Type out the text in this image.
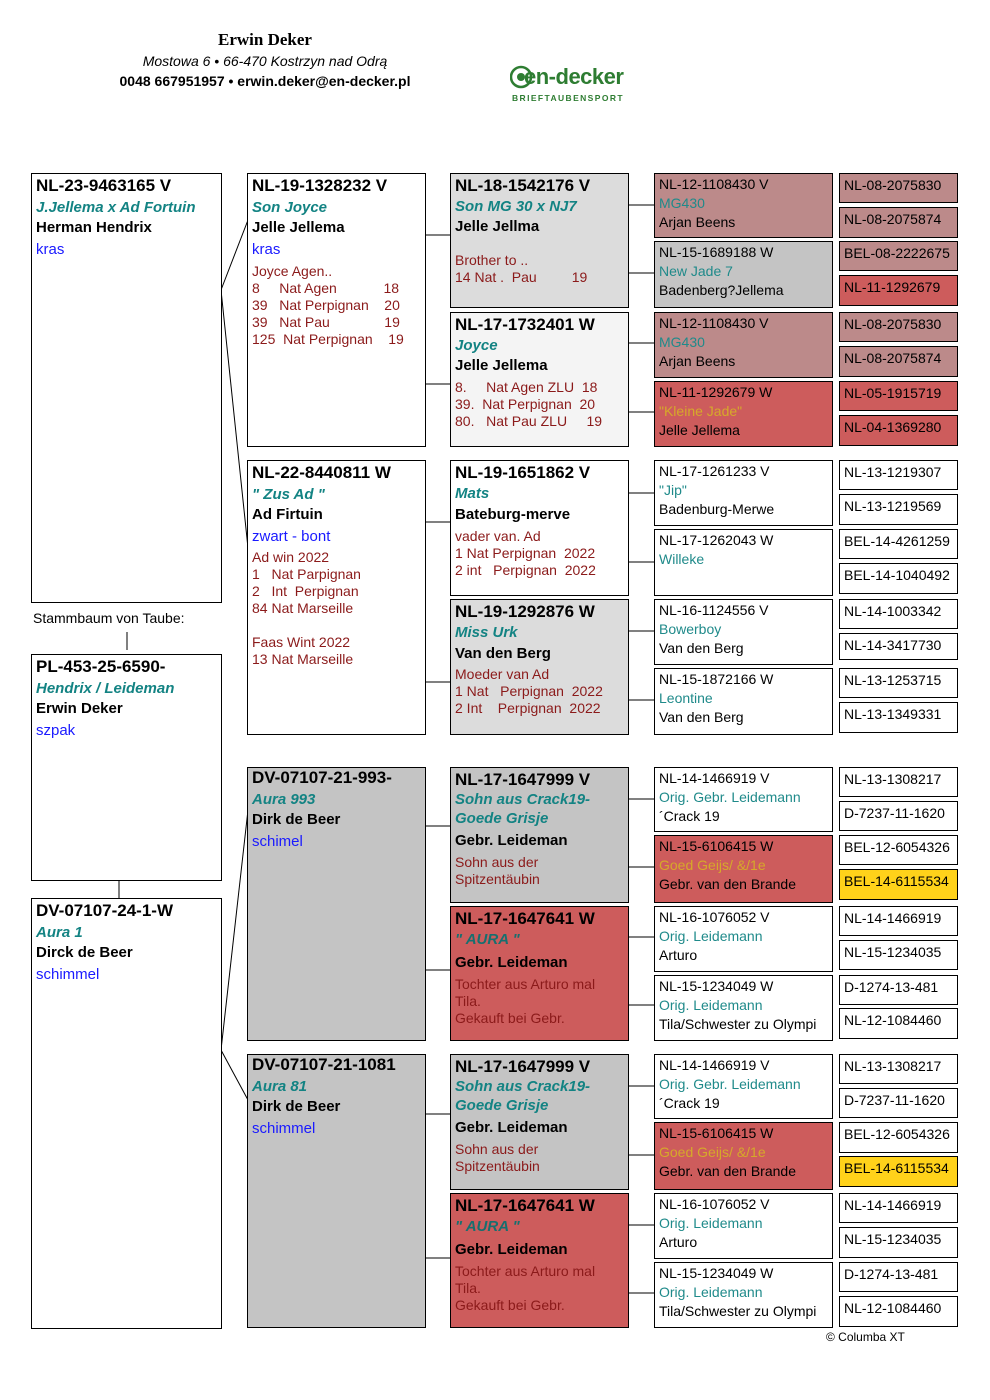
Erwin Deker
Mostowa 6 • 66-470 Kostrzyn nad Odrą
0048 667951957 • erwin.deker@en-decker.pl	en-decker
BRIEFTAUBENSPORT
NL-23-9463165 V
J.Jellema x Ad Fortuin
Herman Hendrix
kras
Stammbaum von Taube:
PL-453-25-6590-
Hendrix / Leideman
Erwin Deker
szpak
DV-07107-24-1-W
Aura 1
Dirck de Beer
schimmel
NL-19-1328232 V
Son Joyce
Jelle Jellema
kras
Joyce Agen..
8     Nat Agen            18
39   Nat Perpignan    20
39   Nat Pau              19
125  Nat Perpignan    19
NL-22-8440811 W
" Zus Ad "
Ad Firtuin
zwart - bont
Ad win 2022
1   Nat Parpignan
2   Int  Perpignan
84 Nat Marseille
Faas Wint 2022
13 Nat Marseille
DV-07107-21-993-
Aura 993
Dirk de Beer
schimel
DV-07107-21-1081
Aura 81
Dirk de Beer
schimmel
NL-18-1542176 V
Son MG 30 x NJ7
Jelle Jellma
Brother to ..
14 Nat .  Pau         19
NL-17-1732401 W
Joyce
Jelle Jellema
8.     Nat Agen ZLU  18
39.  Nat Perpignan  20
80.   Nat Pau ZLU     19
NL-19-1651862 V
Mats
Bateburg-merve
vader van. Ad
1 Nat Perpignan  2022
2 int   Perpignan  2022
NL-19-1292876 W
Miss Urk
Van den Berg
Moeder van Ad
1 Nat   Perpignan  2022
2 Int    Perpignan  2022
NL-17-1647999 V
Sohn aus Crack19-
Goede Grisje
Gebr. Leideman
Sohn aus der
Spitzentäubin
NL-17-1647641 W
" AURA "
Gebr. Leideman
Tochter aus Arturo mal
Tila.
Gekauft bei Gebr.
NL-17-1647999 V
Sohn aus Crack19-
Goede Grisje
Gebr. Leideman
Sohn aus der
Spitzentäubin
NL-17-1647641 W
" AURA "
Gebr. Leideman
Tochter aus Arturo mal
Tila.
Gekauft bei Gebr.
NL-12-1108430 V
MG430
Arjan Beens
NL-15-1689188 W
New Jade 7
Badenberg?Jellema
NL-12-1108430 V
MG430
Arjan Beens
NL-11-1292679 W
"Kleine Jade"
Jelle Jellema
NL-17-1261233 V
"Jip"
Badenburg-Merwe
NL-17-1262043 W
Willeke
NL-16-1124556 V
Bowerboy
Van den Berg
NL-15-1872166 W
Leontine
Van den Berg
NL-14-1466919 V
Orig. Gebr. Leidemann
´Crack 19
NL-15-6106415 W
Goed Geijs/ &/1e
Gebr. van den Brande
NL-16-1076052 V
Orig. Leidemann
Arturo
NL-15-1234049 W
Orig. Leidemann
Tila/Schwester zu Olympi
NL-14-1466919 V
Orig. Gebr. Leidemann
´Crack 19
NL-15-6106415 W
Goed Geijs/ &/1e
Gebr. van den Brande
NL-16-1076052 V
Orig. Leidemann
Arturo
NL-15-1234049 W
Orig. Leidemann
Tila/Schwester zu Olympi
NL-08-2075830
NL-08-2075874
BEL-08-2222675
NL-11-1292679
NL-08-2075830
NL-08-2075874
NL-05-1915719
NL-04-1369280
NL-13-1219307
NL-13-1219569
BEL-14-4261259
BEL-14-1040492
NL-14-1003342
NL-14-3417730
NL-13-1253715
NL-13-1349331
NL-13-1308217
D-7237-11-1620
BEL-12-6054326
BEL-14-6115534
NL-14-1466919
NL-15-1234035
D-1274-13-481
NL-12-1084460
NL-13-1308217
D-7237-11-1620
BEL-12-6054326
BEL-14-6115534
NL-14-1466919
NL-15-1234035
D-1274-13-481
NL-12-1084460
© Columba XT
